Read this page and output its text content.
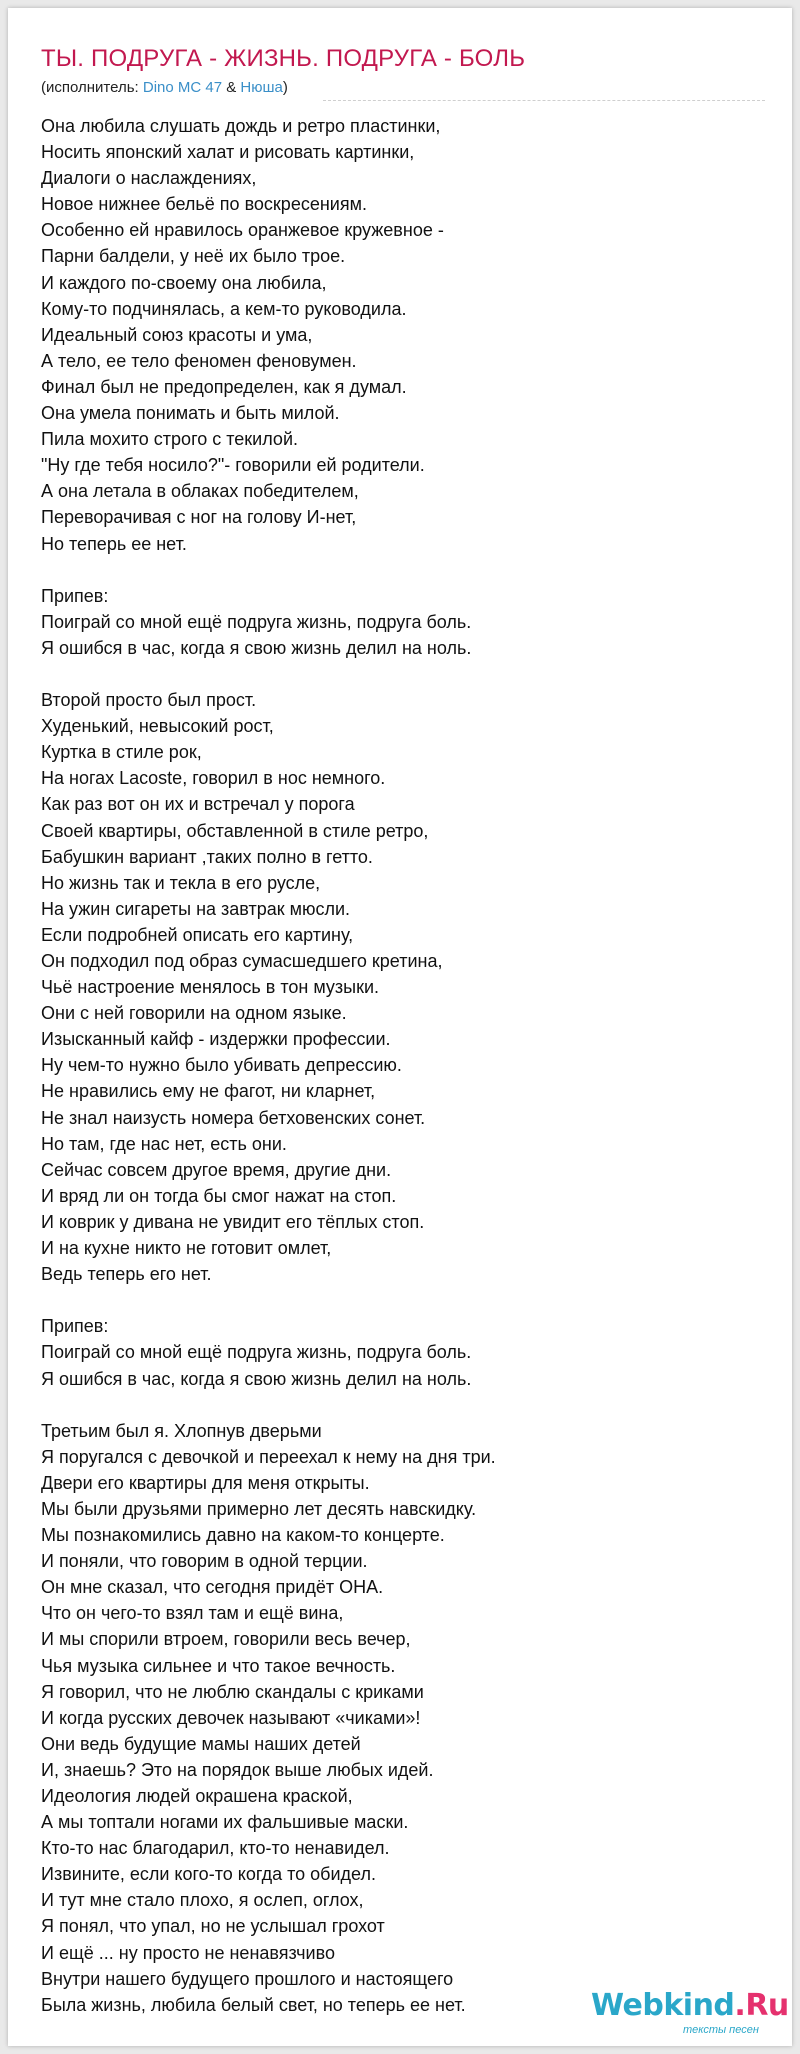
ТЫ. ПОДРУГА - ЖИЗНЬ. ПОДРУГА - БОЛЬ
(исполнитель: Dino MC 47 & Нюша)
Она любила слушать дождь и ретро пластинки,
Носить японский халат и рисовать картинки,
Диалоги о наслаждениях,
Новое нижнее бельё по воскресениям.
Особенно ей нравилось оранжевое кружевное -
Парни балдели, у неё их было трое.
И каждого по-своему она любила,
Кому-то подчинялась, а кем-то руководила.
Идеальный союз красоты и ума,
А тело, ее тело феномен феновумен.
Финал был не предопределен, как я думал.
Она умела понимать и быть милой.
Пила мохито строго с текилой.
"Ну где тебя носило?"- говорили ей родители.
А она летала в облаках победителем,
Переворачивая с ног на голову И-нет,
Но теперь ее нет.
Припев:
Поиграй со мной ещё подруга жизнь, подруга боль.
Я ошибся в час, когда я свою жизнь делил на ноль.
Второй просто был прост.
Худенький, невысокий рост,
Куртка в стиле рок,
На ногах Lacoste, говорил в нос немного.
Как раз вот он их и встречал у порога
Своей квартиры, обставленной в стиле ретро,
Бабушкин вариант ,таких полно в гетто.
Но жизнь так и текла в его русле,
На ужин сигареты на завтрак мюсли.
Если подробней описать его картину,
Он подходил под образ сумасшедшего кретина,
Чьё настроение менялось в тон музыки.
Они с ней говорили на одном языке.
Изысканный кайф - издержки профессии.
Ну чем-то нужно было убивать депрессию.
Не нравились ему не фагот, ни кларнет,
Не знал наизусть номера бетховенских сонет.
Но там, где нас нет, есть они.
Сейчас совсем другое время, другие дни.
И вряд ли он тогда бы смог нажат на стоп.
И коврик у дивана не увидит его тёплых стоп.
И на кухне никто не готовит омлет,
Ведь теперь его нет.
Припев:
Поиграй со мной ещё подруга жизнь, подруга боль.
Я ошибся в час, когда я свою жизнь делил на ноль.
Третьим был я. Хлопнув дверьми
Я поругался с девочкой и переехал к нему на дня три.
Двери его квартиры для меня открыты.
Мы были друзьями примерно лет десять навскидку.
Мы познакомились давно на каком-то концерте.
И поняли, что говорим в одной терции.
Он мне сказал, что сегодня придёт ОНА.
Что он чего-то взял там и ещё вина,
И мы спорили втроем, говорили весь вечер,
Чья музыка сильнее и что такое вечность.
Я говорил, что не люблю скандалы с криками
И когда русских девочек называют «чиками»!
Они ведь будущие мамы наших детей
И, знаешь? Это на порядок выше любых идей.
Идеология людей окрашена краской,
А мы топтали ногами их фальшивые маски.
Кто-то нас благодарил, кто-то ненавидел.
Извините, если кого-то когда то обидел.
И тут мне стало плохо, я ослеп, оглох,
Я понял, что упал, но не услышал грохот
И ещё ... ну просто не ненавязчиво
Внутри нашего будущего прошлого и настоящего
Была жизнь, любила белый свет, но теперь ее нет.	Webkind.Ru
тексты песен
